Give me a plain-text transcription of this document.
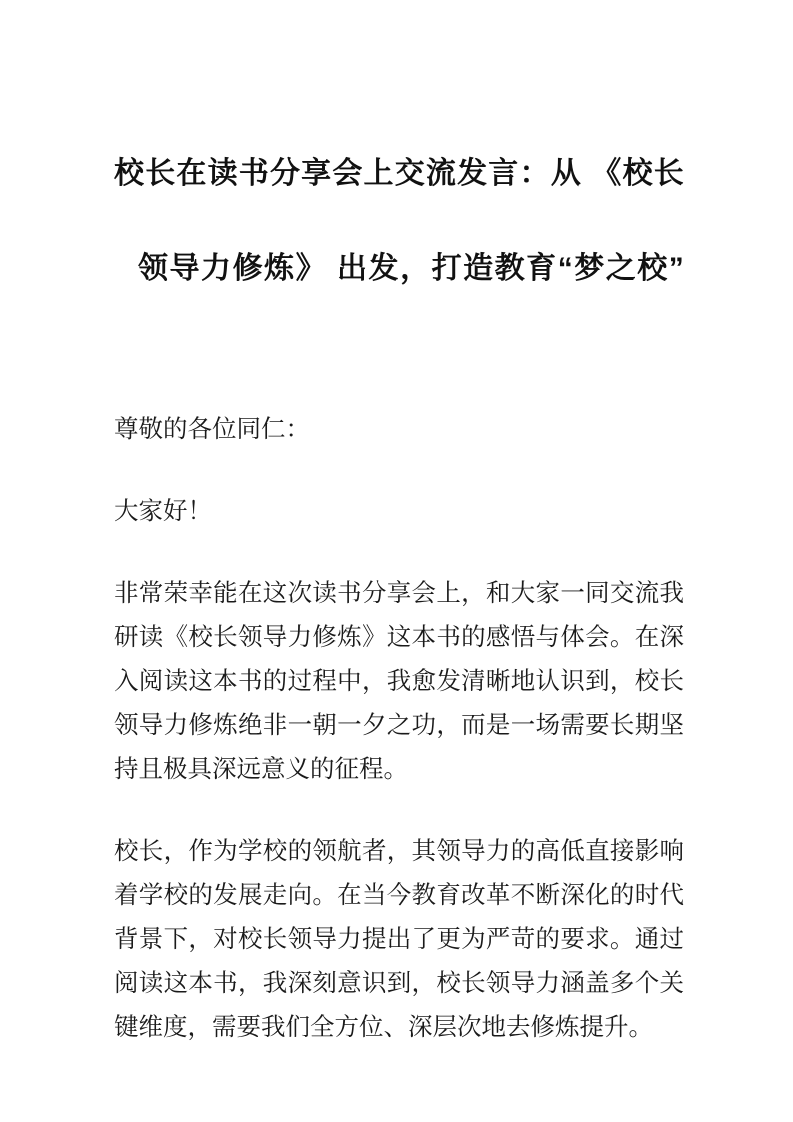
校长在读书分享会上交流发言：从 《校长
领导力修炼》 出发，打造教育“梦之校”

尊敬的各位同仁：

大家好！

非常荣幸能在这次读书分享会上，和大家一同交流我研读《校长领导力修炼》这本书的感悟与体会。在深入阅读这本书的过程中，我愈发清晰地认识到，校长领导力修炼绝非一朝一夕之功，而是一场需要长期坚持且极具深远意义的征程。

校长，作为学校的领航者，其领导力的高低直接影响着学校的发展走向。在当今教育改革不断深化的时代背景下，对校长领导力提出了更为严苛的要求。通过阅读这本书，我深刻意识到，校长领导力涵盖多个关键维度，需要我们全方位、深层次地去修炼提升。
